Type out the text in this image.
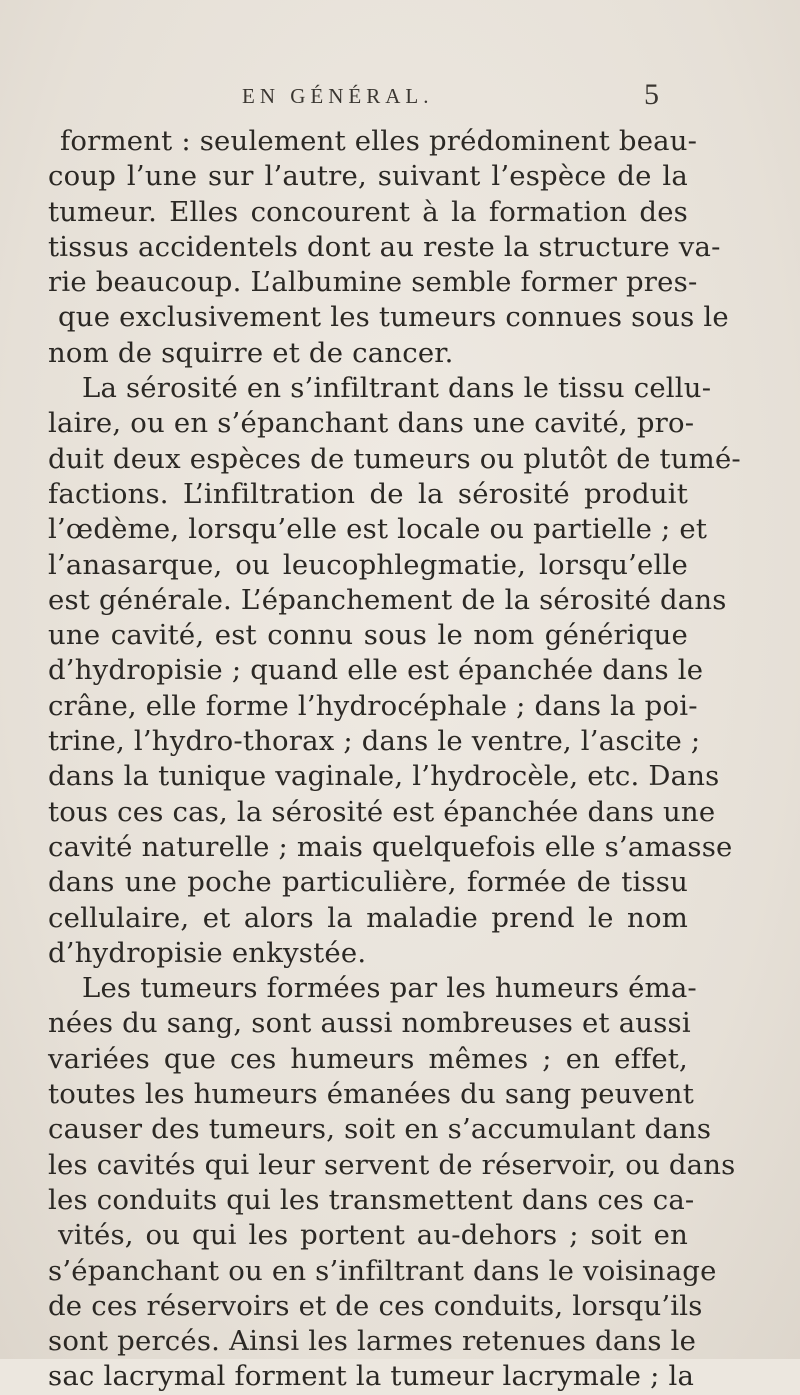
EN GÉNÉRAL.	5
forment : seulement elles prédominent beau-
coup l’une sur l’autre, suivant l’espèce de la
tumeur. Elles concourent à la formation des
tissus accidentels dont au reste la structure va-
rie beaucoup. L’albumine semble former pres-
que exclusivement les tumeurs connues sous le
nom de squirre et de cancer.
La sérosité en s’infiltrant dans le tissu cellu-
laire, ou en s’épanchant dans une cavité, pro-
duit deux espèces de tumeurs ou plutôt de tumé-
factions. L’infiltration de la sérosité produit
l’œdème, lorsqu’elle est locale ou partielle ; et
l’anasarque, ou leucophlegmatie, lorsqu’elle
est générale. L’épanchement de la sérosité dans
une cavité, est connu sous le nom générique
d’hydropisie ; quand elle est épanchée dans le
crâne, elle forme l’hydrocéphale ; dans la poi-
trine, l’hydro-thorax ; dans le ventre, l’ascite ;
dans la tunique vaginale, l’hydrocèle, etc. Dans
tous ces cas, la sérosité est épanchée dans une
cavité naturelle ; mais quelquefois elle s’amasse
dans une poche particulière, formée de tissu
cellulaire, et alors la maladie prend le nom
d’hydropisie enkystée.
Les tumeurs formées par les humeurs éma-
nées du sang, sont aussi nombreuses et aussi
variées que ces humeurs mêmes ; en effet,
toutes les humeurs émanées du sang peuvent
causer des tumeurs, soit en s’accumulant dans
les cavités qui leur servent de réservoir, ou dans
les conduits qui les transmettent dans ces ca-
vités, ou qui les portent au-dehors ; soit en
s’épanchant ou en s’infiltrant dans le voisinage
de ces réservoirs et de ces conduits, lorsqu’ils
sont percés. Ainsi les larmes retenues dans le
sac lacrymal forment la tumeur lacrymale ; la
